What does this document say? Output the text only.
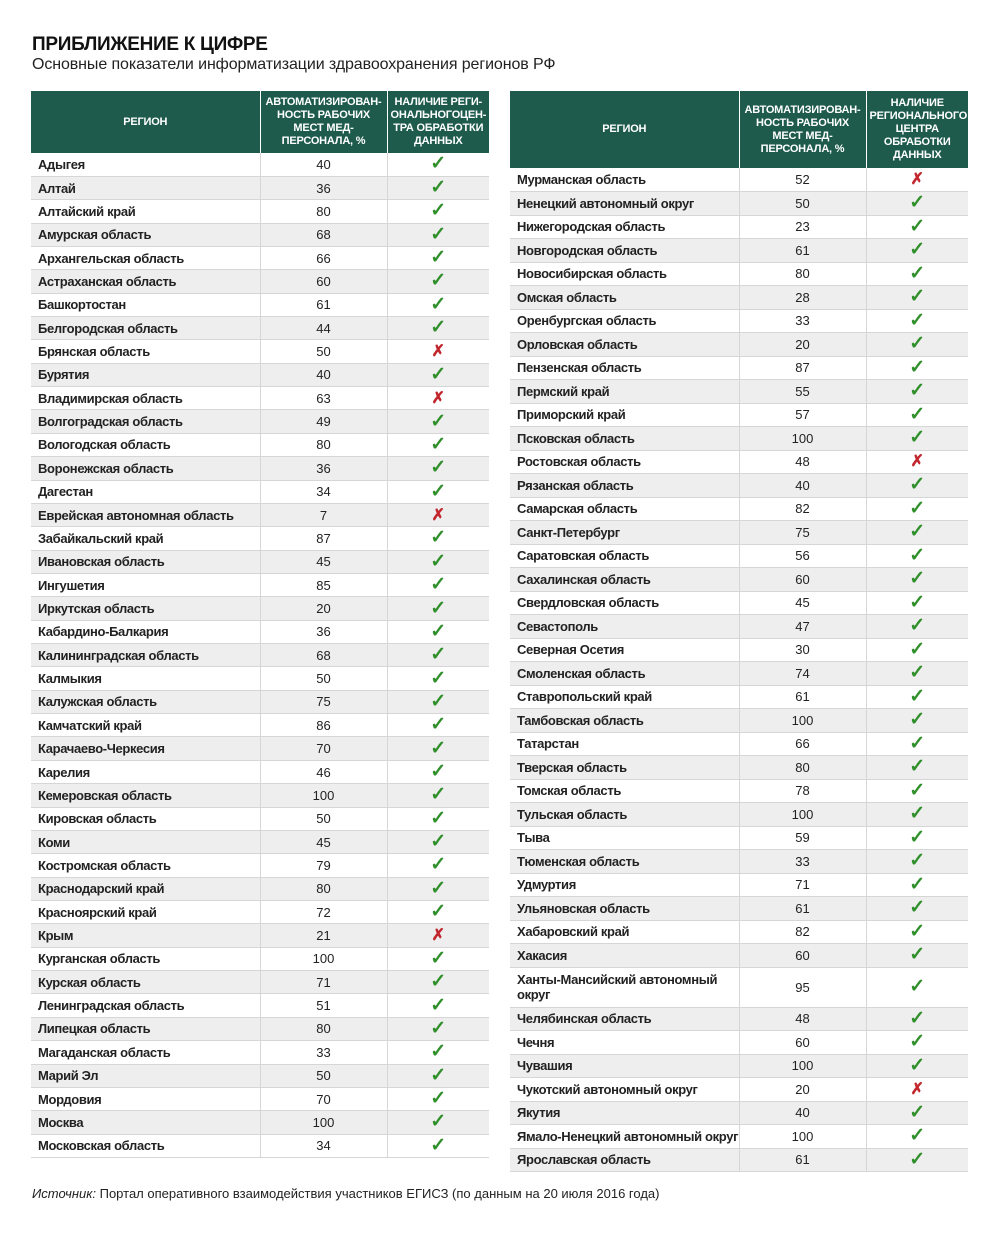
ПРИБЛИЖЕНИЕ К ЦИФРЕ
Основные показатели информатизации здравоохранения регионов РФ
РЕГИОН	АВТОМАТИЗИРОВАН-НОСТЬ РАБОЧИХ МЕСТ МЕД-ПЕРСОНАЛА, %	НАЛИЧИЕ РЕГИ-ОНАЛЬНОГОЦЕН-ТРА ОБРАБОТКИ ДАННЫХ
Адыгея	40	✓
Алтай	36	✓
Алтайский край	80	✓
Амурская область	68	✓
Архангельская область	66	✓
Астраханская область	60	✓
Башкортостан	61	✓
Белгородская область	44	✓
Брянская область	50	✗
Бурятия	40	✓
Владимирская область	63	✗
Волгоградская область	49	✓
Вологодская область	80	✓
Воронежская область	36	✓
Дагестан	34	✓
Еврейская автономная область	7	✗
Забайкальский край	87	✓
Ивановская область	45	✓
Ингушетия	85	✓
Иркутская область	20	✓
Кабардино-Балкария	36	✓
Калининградская область	68	✓
Калмыкия	50	✓
Калужская область	75	✓
Камчатский край	86	✓
Карачаево-Черкесия	70	✓
Карелия	46	✓
Кемеровская область	100	✓
Кировская область	50	✓
Коми	45	✓
Костромская область	79	✓
Краснодарский край	80	✓
Красноярский край	72	✓
Крым	21	✗
Курганская область	100	✓
Курская область	71	✓
Ленинградская область	51	✓
Липецкая область	80	✓
Магаданская область	33	✓
Марий Эл	50	✓
Мордовия	70	✓
Москва	100	✓
Московская область	34	✓
РЕГИОН	АВТОМАТИЗИРОВАН-НОСТЬ РАБОЧИХ МЕСТ МЕД-ПЕРСОНАЛА, %	НАЛИЧИЕ РЕГИОНАЛЬНОГО ЦЕНТРА ОБРАБОТКИ ДАННЫХ
Мурманская область	52	✗
Ненецкий автономный округ	50	✓
Нижегородская область	23	✓
Новгородская область	61	✓
Новосибирская область	80	✓
Омская область	28	✓
Оренбургская область	33	✓
Орловская область	20	✓
Пензенская область	87	✓
Пермский край	55	✓
Приморский край	57	✓
Псковская область	100	✓
Ростовская область	48	✗
Рязанская область	40	✓
Самарская область	82	✓
Санкт-Петербург	75	✓
Саратовская область	56	✓
Сахалинская область	60	✓
Свердловская область	45	✓
Севастополь	47	✓
Северная Осетия	30	✓
Смоленская область	74	✓
Ставропольский край	61	✓
Тамбовская область	100	✓
Татарстан	66	✓
Тверская область	80	✓
Томская область	78	✓
Тульская область	100	✓
Тыва	59	✓
Тюменская область	33	✓
Удмуртия	71	✓
Ульяновская область	61	✓
Хабаровский край	82	✓
Хакасия	60	✓
Ханты-Мансийский автономный округ	95	✓
Челябинская область	48	✓
Чечня	60	✓
Чувашия	100	✓
Чукотский автономный округ	20	✗
Якутия	40	✓
Ямало-Ненецкий автономный округ	100	✓
Ярославская область	61	✓
Источник: Портал оперативного взаимодействия участников ЕГИСЗ (по данным на 20 июля 2016 года)
